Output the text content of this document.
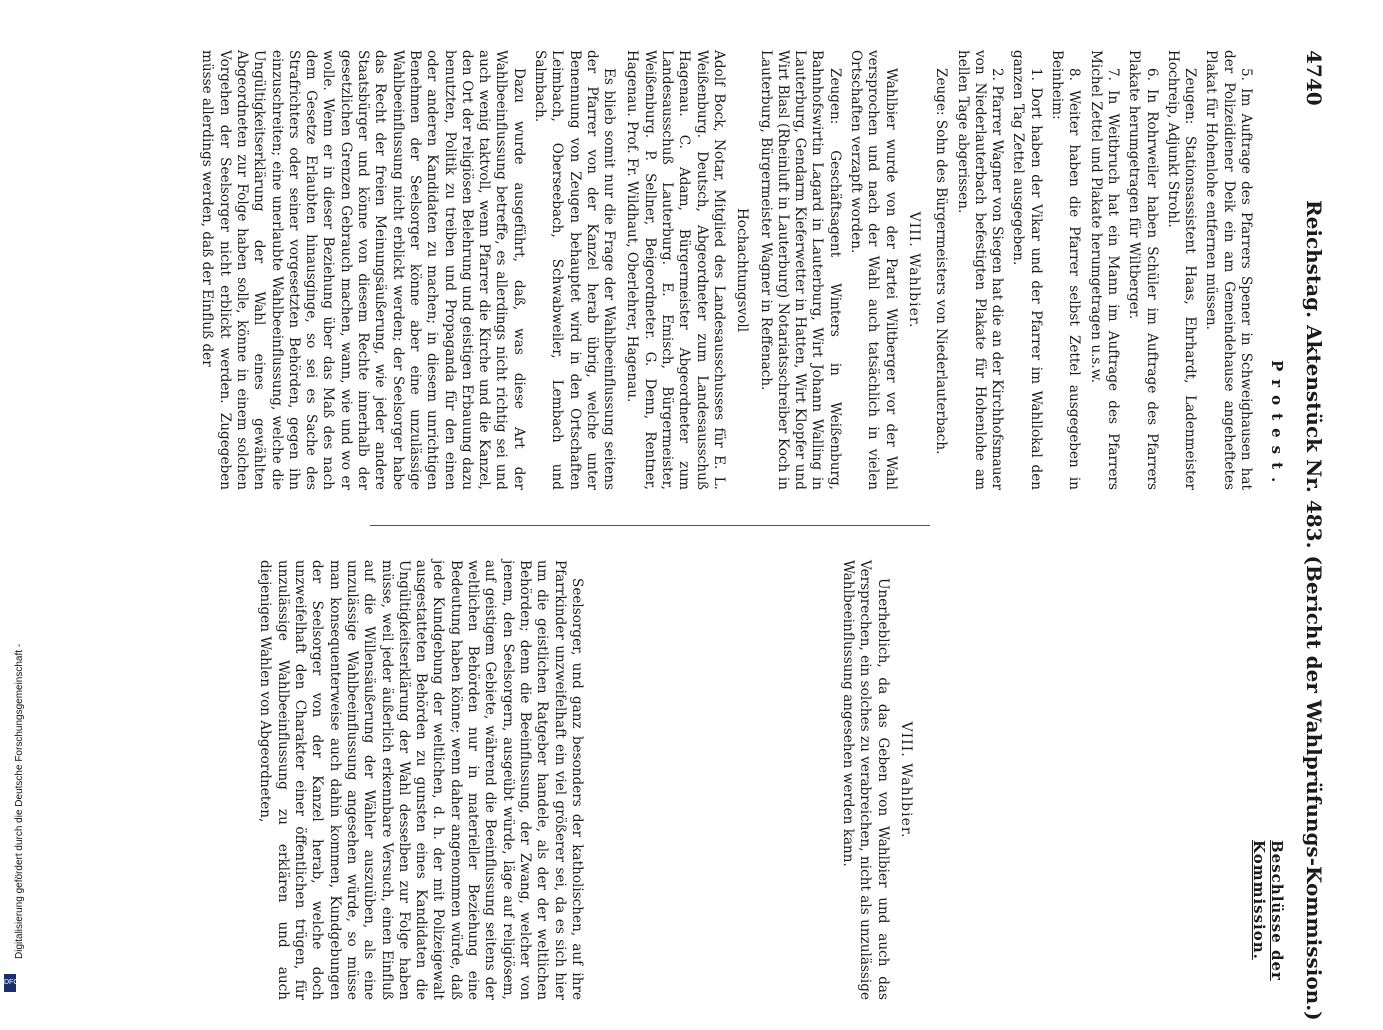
4740
Reichstag. Aktenstück Nr. 483. (Bericht der Wahlprüfungs-Kommission.)
Protest.
Beschlüsse der Kommission.

5. Im Auftrage des Pfarrers Spener in Schweighausen hat der Polizeidiener Deik ein am Gemeindehause angeheftetes Plakat für Hohenlohe entfernen müssen.

Zeugen: Stationsassistent Haas, Ehrhardt, Ladenmeister Hochreip, Adjunkt Strohl.

6. In Rohrweiler haben Schüler im Auftrage des Pfarrers Plakate herumgetragen für Wiltberger.

7. In Weitbruch hat ein Mann im Auftrage des Pfarrers Michel Zettel und Plakate herumgetragen u.s.w.

8. Weiter haben die Pfarrer selbst Zettel ausgegeben in Beinheim:

1. Dort haben der Vikar und der Pfarrer im Wahllokal den ganzen Tag Zettel ausgegeben.

2. Pfarrer Wagner von Siegen hat die an der Kirchhofsmauer von Niederlauterbach befestigten Plakate für Hohenlohe am hellen Tage abgerissen.

Zeuge: Sohn des Bürgermeisters von Niederlauterbach.

VIII. Wahlbier.

Wahlbier wurde von der Partei Wiltberger vor der Wahl versprochen und nach der Wahl auch tatsächlich in vielen Ortschaften verzapft worden.

Zeugen: Geschäftsagent Winters in Weißenburg, Bahnhofswirtin Lagard in Lauterburg, Wirt Johann Walling in Lauterburg, Gendarm Kieferwetter in Hatten, Wirt Klopfer und Wirt Blasl (Rheinluft in Lauterburg) Notariatsschreiber Koch in Lauterburg, Bürgermeister Wagner in Reffenach.

Hochachtungsvoll

Adolf Bock, Notar, Mitglied des Landesausschusses für E. L. Weißenburg. Deutsch, Abgeordneter zum Landesausschuß Hagenau. C. Adam, Bürgermeister Abgeordneter zum Landesausschuß Lauterburg. E. Emisch, Bürgermeister, Weißenburg. P. Sellner, Beigeordneter. G. Denn, Rentner, Hagenau. Prof. Fr. Wildhaut, Oberlehrer, Hagenau.

Es blieb somit nur die Frage der Wahlbeeinflussung seitens der Pfarrer von der Kanzel herab übrig, welche unter Benennung von Zeugen behauptet wird in den Ortschaften Leimbach, Oberseebach, Schwabweiler, Lembach und Salmbach.

Dazu wurde ausgeführt, daß, was diese Art der Wahlbeeinflussung betreffe, es allerdings nicht richtig sei und auch wenig taktvoll, wenn Pfarrer die Kirche und die Kanzel, den Ort der religiösen Belehrung und geistigen Erbauung dazu benutzten, Politik zu treiben und Propaganda für den einen oder anderen Kandidaten zu machen; in diesem unrichtigen Benehmen der Seelsorger könne aber eine unzulässige Wahlbeeinflussung nicht erblickt werden; der Seelsorger habe das Recht der freien Meinungsäußerung, wie jeder andere Staatsbürger und könne von diesem Rechte innerhalb der gesetzlichen Grenzen Gebrauch machen, wann, wie und wo er wolle. Wenn er in dieser Beziehung über das Maß des nach dem Gesetze Erlaubten hinausginge, so sei es Sache des Strafrichters oder seiner vorgesetzten Behörden, gegen ihn einzuschreiten; eine unerlaubte Wahlbeeinflussung, welche die Ungültigkeitserklärung der Wahl eines gewählten Abgeordneten zur Folge haben solle, könne in einem solchen Vorgehen der Seelsorger nicht erblickt werden. Zugegeben müsse allerdings werden, daß der Einfluß der

VIII. Wahlbier.

Unerheblich, da das Geben von Wahlbier und auch das Versprechen, ein solches zu verabreichen, nicht als unzulässige Wahlbeeinflussung angesehen werden kann.

Seelsorger, und ganz besonders der katholischen, auf ihre Pfarrkinder unzweifelhaft ein viel größerer sei, da es sich hier um die geistlichen Ratgeber handele, als der der weltlichen Behörden; denn die Beeinflussung, der Zwang, welcher von jenem, den Seelsorgern, ausgeübt würde, läge auf religiösem, auf geistigem Gebiete, während die Beeinflussung seitens der weltlichen Behörden nur in materieller Beziehung eine Bedeutung haben könne; wenn daher angenommen würde, daß jede Kundgebung der weltlichen, d. h. der mit Polizeigewalt ausgestatteten Behörden zu gunsten eines Kandidaten die Ungültigkeitserklärung der Wahl desselben zur Folge haben müsse, weil jeder äußerlich erkennbare Versuch, einen Einfluß auf die Willensäußerung der Wähler auszuüben, als eine unzulässige Wahlbeeinflussung angesehen würde, so müsse man konsequenterweise auch dahin kommen, Kundgebungen der Seelsorger von der Kanzel herab, welche doch unzweifelhaft den Charakter einer öffentlichen trügen, für unzulässige Wahlbeeinflussung zu erklären und auch diejenigen Wahlen von Abgeordneten,

Digitalisierung gefördert durch die Deutsche Forschungsgemeinschaft -
DFG
